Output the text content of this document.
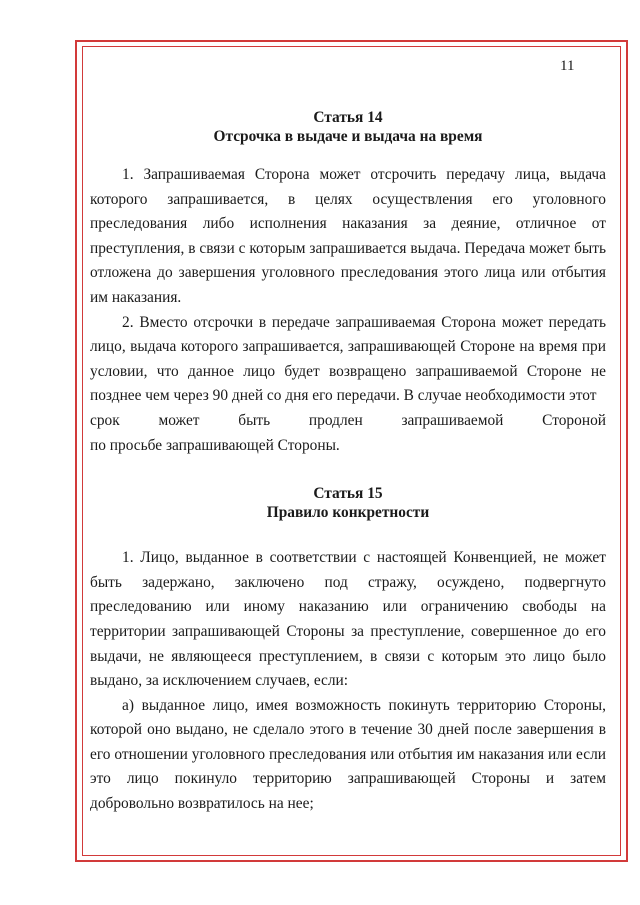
11
Статья 14
Отсрочка в выдаче и выдача на время

1. Запрашиваемая Сторона может отсрочить передачу лица, выдача которого запрашивается, в целях осуществления его уголовного преследования либо исполнения наказания за деяние, отличное от преступления, в связи с которым запрашивается выдача. Передача может быть отложена до завершения уголовного преследования этого лица или отбытия им наказания.

2. Вместо отсрочки в передаче запрашиваемая Сторона может передать лицо, выдача которого запрашивается, запрашивающей Стороне на время при условии, что данное лицо будет возвращено запрашиваемой Стороне не позднее чем через 90 дней со дня его передачи. В случае необходимости этот
срок может быть продлен запрашиваемой Стороной
по просьбе запрашивающей Стороны.

Статья 15
Правило конкретности

1. Лицо, выданное в соответствии с настоящей Конвенцией, не может быть задержано, заключено под стражу, осуждено, подвергнуто преследованию или иному наказанию или ограничению свободы на территории запрашивающей Стороны за преступление, совершенное до его выдачи, не являющееся преступлением, в связи с которым это лицо было выдано, за исключением случаев, если:

а) выданное лицо, имея возможность покинуть территорию Стороны, которой оно выдано, не сделало этого в течение 30 дней после завершения в его отношении уголовного преследования или отбытия им наказания или если это лицо покинуло территорию запрашивающей Стороны и затем добровольно возвратилось на нее;
